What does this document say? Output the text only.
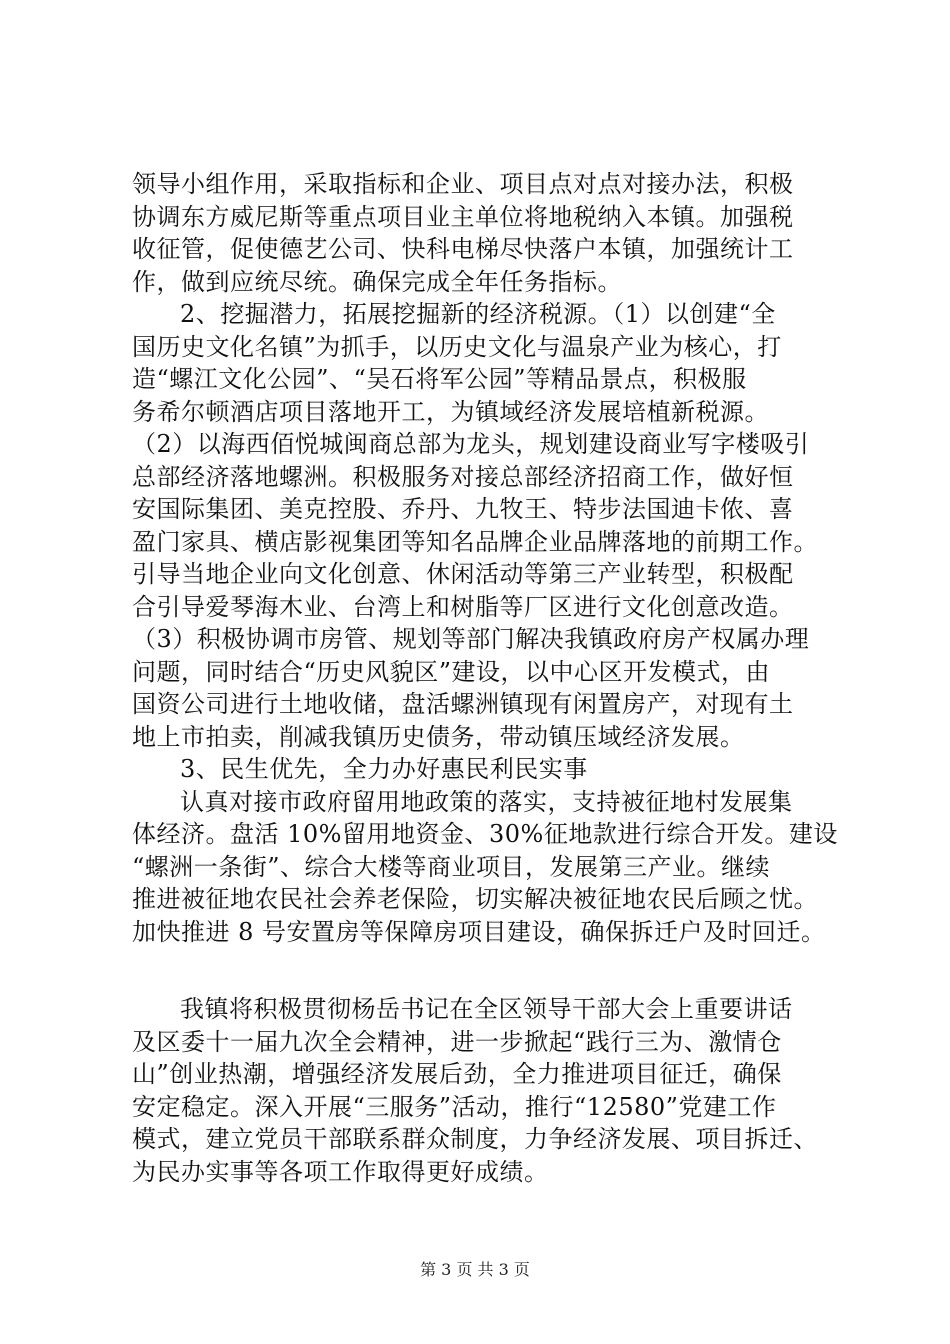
领导小组作用，采取指标和企业、项目点对点对接办法，积极
协调东方威尼斯等重点项目业主单位将地税纳入本镇。加强税
收征管，促使德艺公司、快科电梯尽快落户本镇，加强统计工
作，做到应统尽统。确保完成全年任务指标。
2、挖掘潜力，拓展挖掘新的经济税源。（1）以创建“全
国历史文化名镇”为抓手，以历史文化与温泉产业为核心，打
造“螺江文化公园”、“吴石将军公园”等精品景点，积极服
务希尔顿酒店项目落地开工，为镇域经济发展培植新税源。
（2）以海西佰悦城闽商总部为龙头，规划建设商业写字楼吸引
总部经济落地螺洲。积极服务对接总部经济招商工作，做好恒
安国际集团、美克控股、乔丹、九牧王、特步法国迪卡侬、喜
盈门家具、横店影视集团等知名品牌企业品牌落地的前期工作。
引导当地企业向文化创意、休闲活动等第三产业转型，积极配
合引导爱琴海木业、台湾上和树脂等厂区进行文化创意改造。
（3）积极协调市房管、规划等部门解决我镇政府房产权属办理
问题，同时结合“历史风貌区”建设，以中心区开发模式，由
国资公司进行土地收储，盘活螺洲镇现有闲置房产，对现有土
地上市拍卖，削减我镇历史债务，带动镇压域经济发展。
3、民生优先，全力办好惠民利民实事
认真对接市政府留用地政策的落实，支持被征地村发展集
体经济。盘活 10%留用地资金、30%征地款进行综合开发。建设
“螺洲一条街”、综合大楼等商业项目，发展第三产业。继续
推进被征地农民社会养老保险，切实解决被征地农民后顾之忧。
加快推进 8 号安置房等保障房项目建设，确保拆迁户及时回迁。
我镇将积极贯彻杨岳书记在全区领导干部大会上重要讲话
及区委十一届九次全会精神，进一步掀起“践行三为、激情仓
山”创业热潮，增强经济发展后劲，全力推进项目征迁，确保
安定稳定。深入开展“三服务”活动，推行“12580”党建工作
模式，建立党员干部联系群众制度，力争经济发展、项目拆迁、
为民办实事等各项工作取得更好成绩。
第 3 页 共 3 页
